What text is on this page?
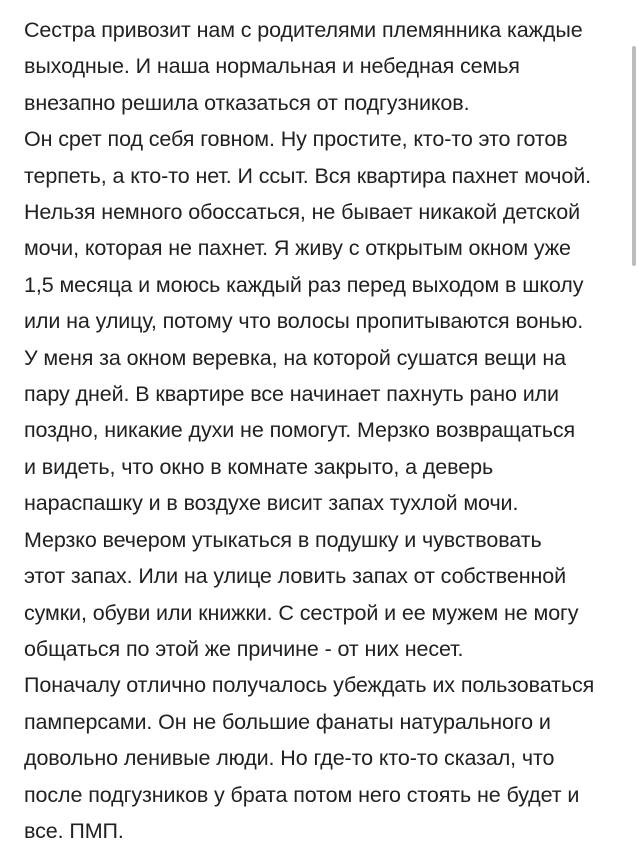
Сестра привозит нам с родителями племянника каждые
выходные. И наша нормальная и небедная семья
внезапно решила отказаться от подгузников.
Он срет под себя говном. Ну простите, кто-то это готов
терпеть, а кто-то нет. И ссыт. Вся квартира пахнет мочой.
Нельзя немного обоссаться, не бывает никакой детской
мочи, которая не пахнет. Я живу с открытым окном уже
1,5 месяца и моюсь каждый раз перед выходом в школу
или на улицу, потому что волосы пропитываются вонью.
У меня за окном веревка, на которой сушатся вещи на
пару дней. В квартире все начинает пахнуть рано или
поздно, никакие духи не помогут. Мерзко возвращаться
и видеть, что окно в комнате закрыто, а деверь
нараспашку и в воздухе висит запах тухлой мочи.
Мерзко вечером утыкаться в подушку и чувствовать
этот запах. Или на улице ловить запах от собственной
сумки, обуви или книжки. С сестрой и ее мужем не могу
общаться по этой же причине - от них несет.
Поначалу отлично получалось убеждать их пользоваться
памперсами. Он не большие фанаты натурального и
довольно ленивые люди. Но где-то кто-то сказал, что
после подгузников у брата потом него стоять не будет и
все. ПМП.
